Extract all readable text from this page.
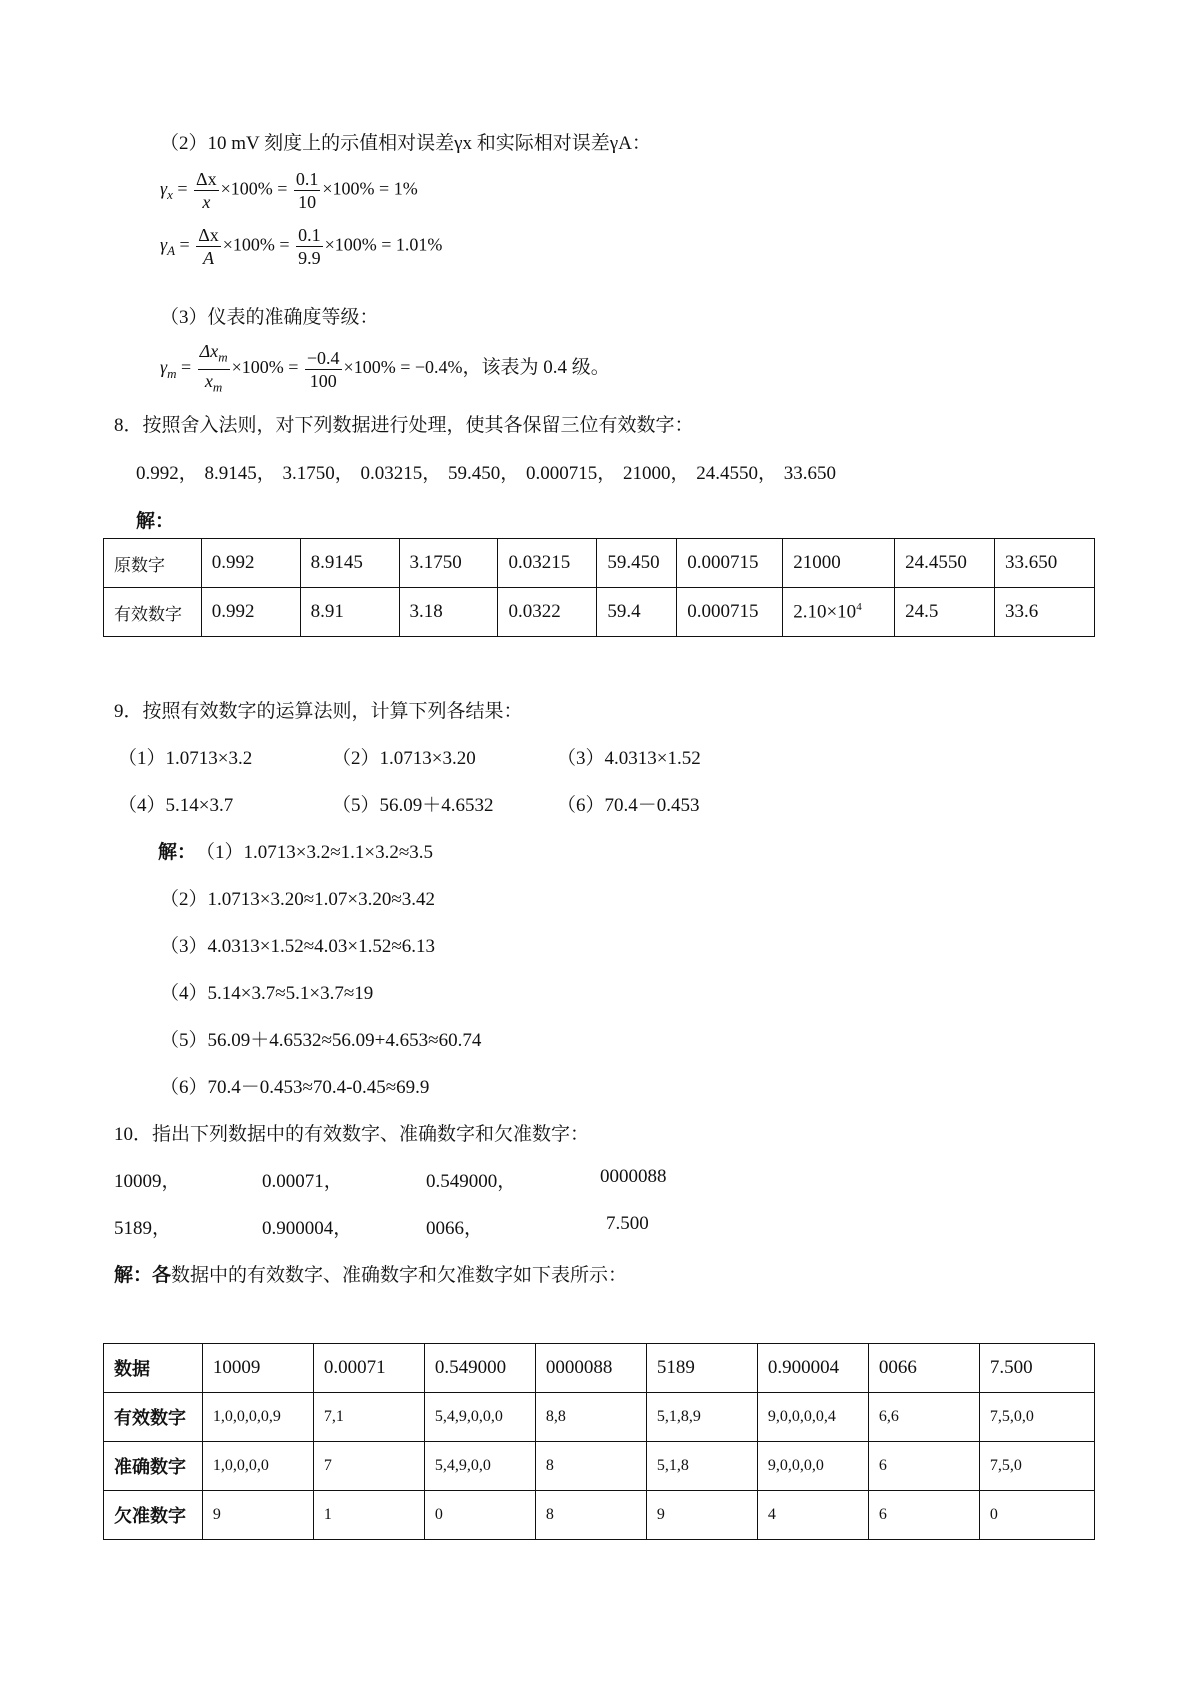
（2）10 mV 刻度上的示值相对误差γx 和实际相对误差γA：
$\gamma_x = \frac{\Delta x}{x} \times 100\% = \frac{0.1}{10} \times 100\% = 1\%$
$\gamma_A = \frac{\Delta x}{A} \times 100\% = \frac{0.1}{9.9} \times 100\% = 1.01\%$
（3）仪表的准确度等级：
$\gamma_m = \frac{\Delta x_m}{x_m} \times 100\% = \frac{-0.4}{100} \times 100\% = -0.4\%$，该表为 0.4 级。
8．按照舍入法则，对下列数据进行处理，使其各保留三位有效数字：
0.992， 8.9145， 3.1750， 0.03215， 59.450， 0.000715， 21000， 24.4550， 33.650
解：
原数字	0.992	8.9145	3.1750	0.03215	59.450	0.000715	21000	24.4550	33.650
有效数字	0.992	8.91	3.18	0.0322	59.4	0.000715	$2.10\times 10^4$	24.5	33.6
9．按照有效数字的运算法则，计算下列各结果：
（1）1.0713×3.2	（2）1.0713×3.20	（3）4.0313×1.52
（4）5.14×3.7	（5）56.09＋4.6532	（6）70.4－0.453
解： （1）1.0713×3.2≈1.1×3.2≈3.5
（2）1.0713×3.20≈1.07×3.20≈3.42
（3）4.0313×1.52≈4.03×1.52≈6.13
（4）5.14×3.7≈5.1×3.7≈19
（5）56.09＋4.6532≈56.09+4.653≈60.74
（6）70.4－0.453≈70.4-0.45≈69.9
10．指出下列数据中的有效数字、准确数字和欠准数字：
10009，	0.00071，	0.549000，	0000088
5189，	0.900004，	0066，	7.500
解：各数据中的有效数字、准确数字和欠准数字如下表所示：
数据	10009	0.00071	0.549000	0000088	5189	0.900004	0066	7.500
有效数字	1,0,0,0,0,9	7,1	5,4,9,0,0,0	8,8	5,1,8,9	9,0,0,0,0,4	6,6	7,5,0,0
准确数字	1,0,0,0,0	7	5,4,9,0,0	8	5,1,8	9,0,0,0,0	6	7,5,0
欠准数字	9	1	0	8	9	4	6	0
